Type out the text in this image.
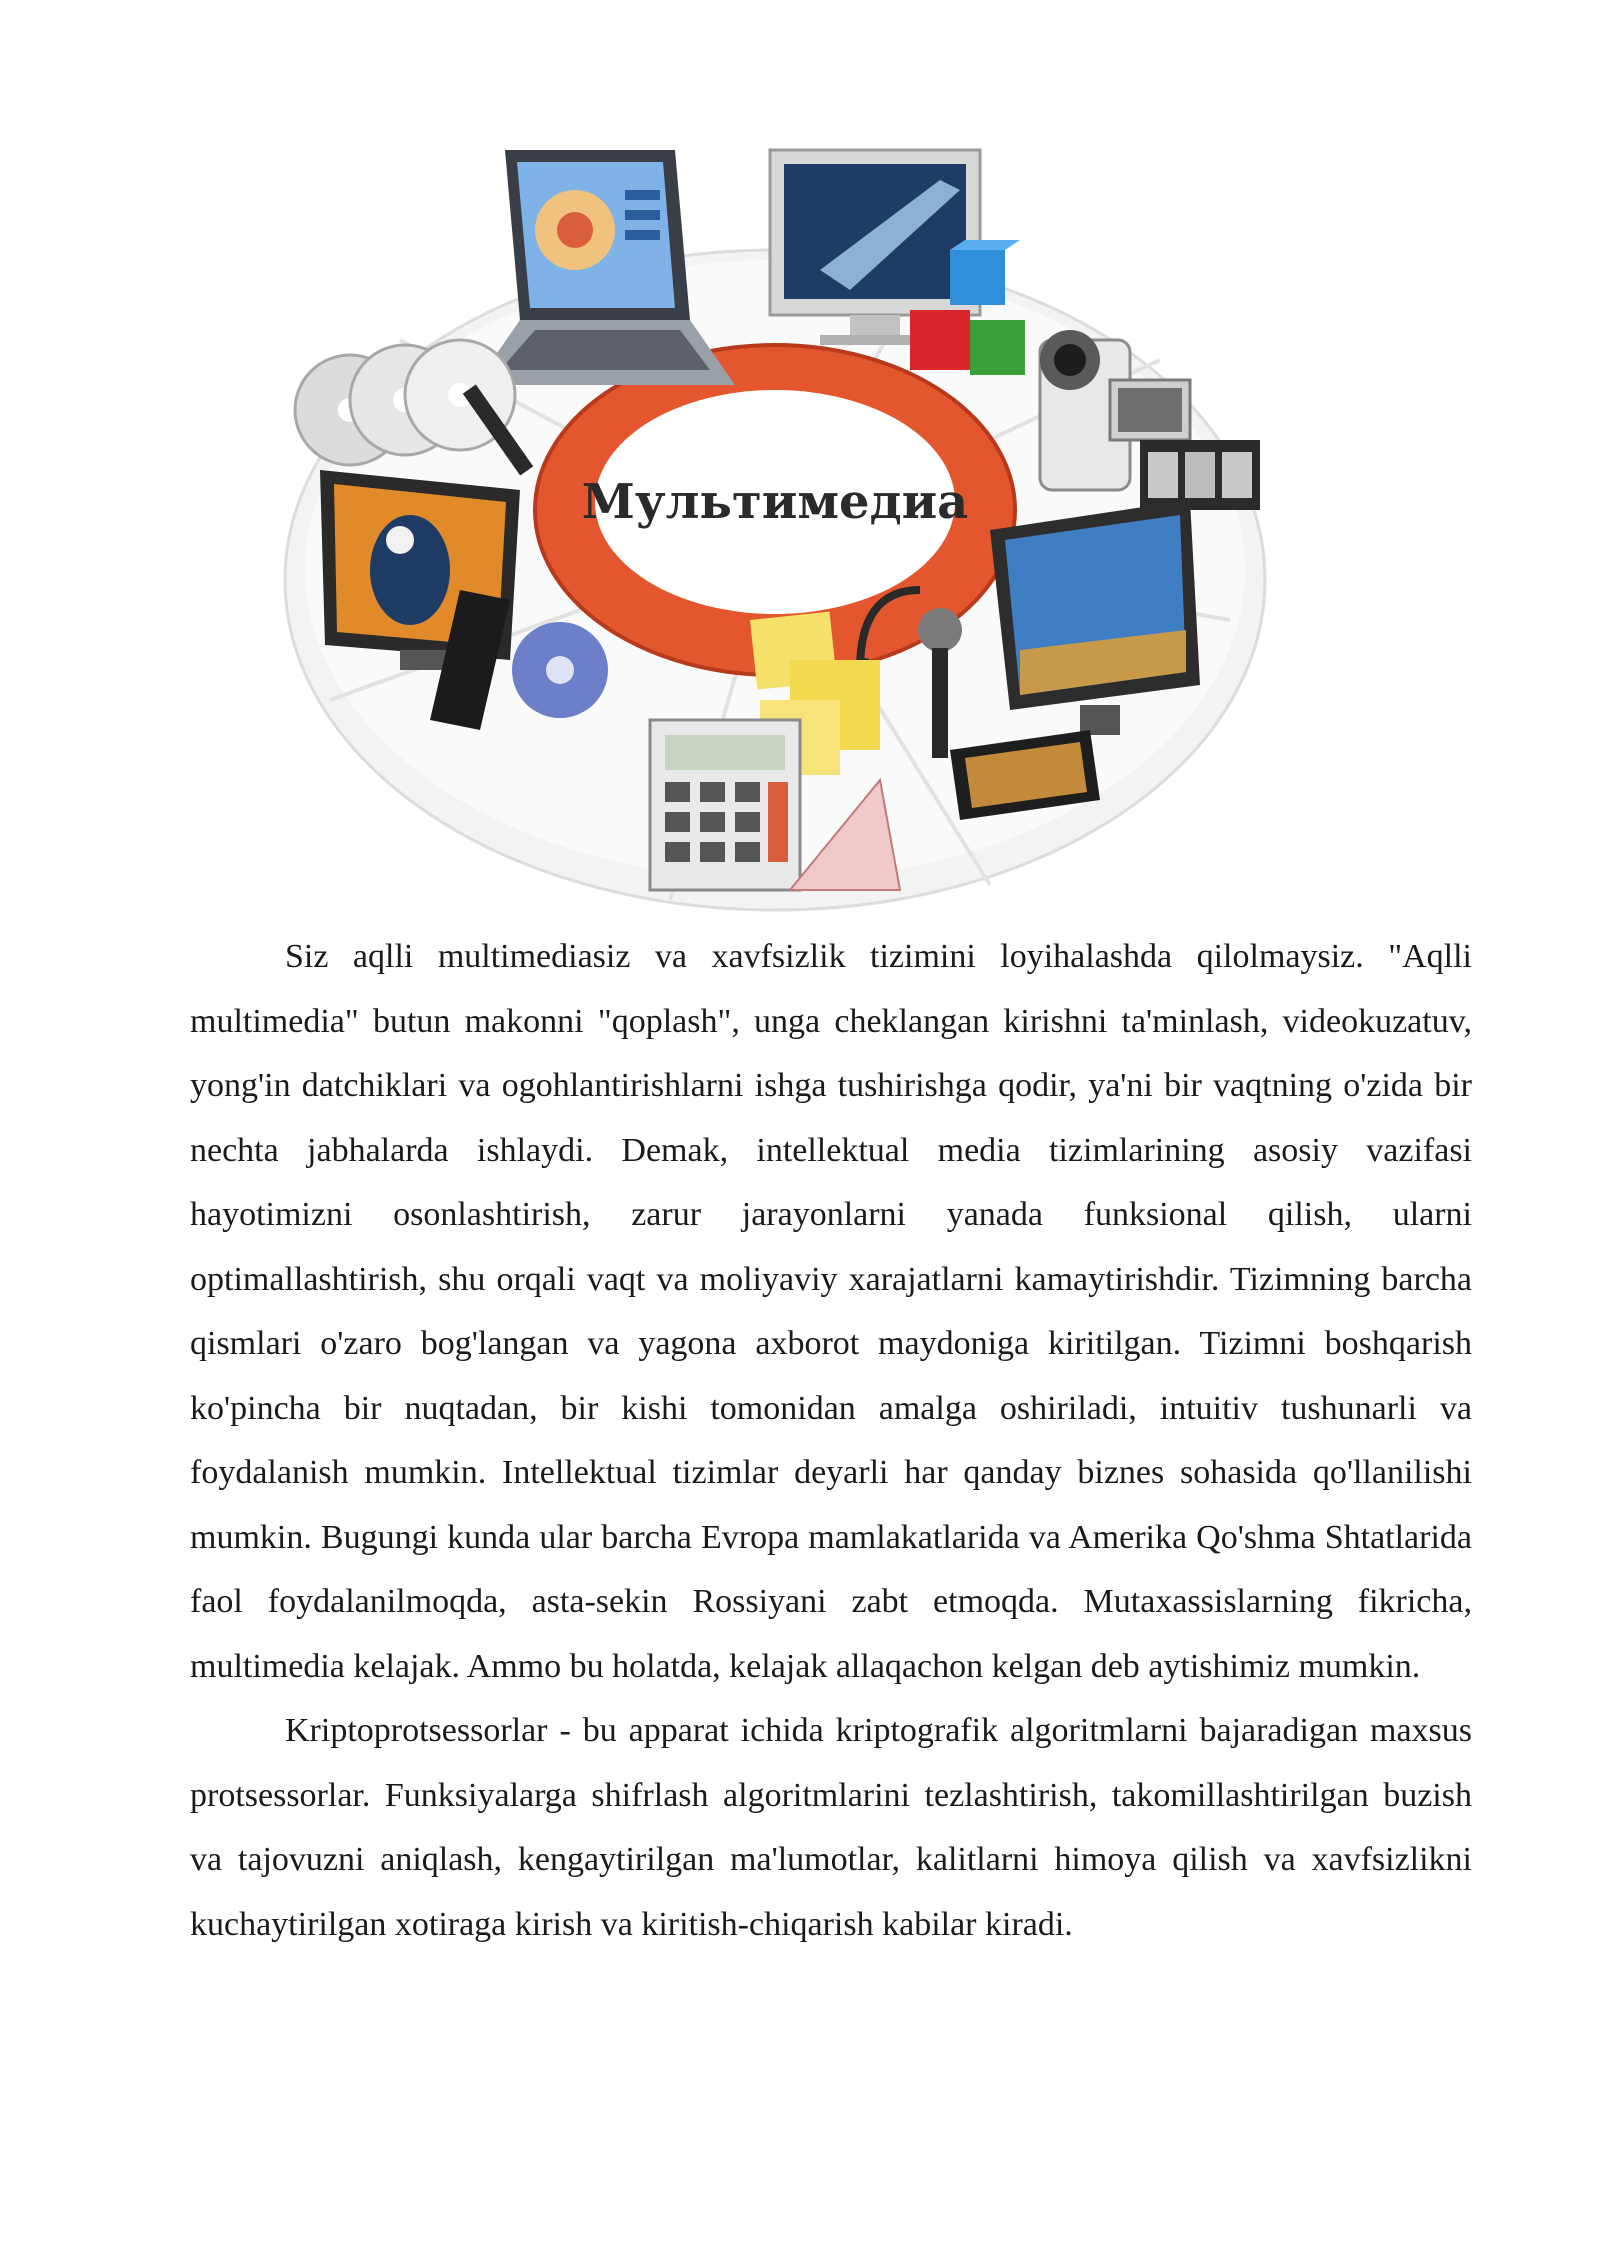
Мультимедиа

Siz aqlli multimediasiz va xavfsizlik tizimini loyihalashda qilolmaysiz. "Aqlli multimedia" butun makonni "qoplash", unga cheklangan kirishni ta'minlash, videokuzatuv, yong'in datchiklari va ogohlantirishlarni ishga tushirishga qodir, ya'ni bir vaqtning o'zida bir nechta jabhalarda ishlaydi. Demak, intellektual media tizimlarining asosiy vazifasi hayotimizni osonlashtirish, zarur jarayonlarni yanada funksional qilish, ularni optimallashtirish, shu orqali vaqt va moliyaviy xarajatlarni kamaytirishdir. Tizimning barcha qismlari o'zaro bog'langan va yagona axborot maydoniga kiritilgan. Tizimni boshqarish ko'pincha bir nuqtadan, bir kishi tomonidan amalga oshiriladi, intuitiv tushunarli va foydalanish mumkin. Intellektual tizimlar deyarli har qanday biznes sohasida qo'llanilishi mumkin. Bugungi kunda ular barcha Evropa mamlakatlarida va Amerika Qo'shma Shtatlarida faol foydalanilmoqda, asta-sekin Rossiyani zabt etmoqda. Mutaxassislarning fikricha, multimedia kelajak. Ammo bu holatda, kelajak allaqachon kelgan deb aytishimiz mumkin.

Kriptoprotsessorlar - bu apparat ichida kriptografik algoritmlarni bajaradigan maxsus protsessorlar. Funksiyalarga shifrlash algoritmlarini tezlashtirish, takomillashtirilgan buzish va tajovuzni aniqlash, kengaytirilgan ma'lumotlar, kalitlarni himoya qilish va xavfsizlikni kuchaytirilgan xotiraga kirish va kiritish-chiqarish kabilar kiradi.
